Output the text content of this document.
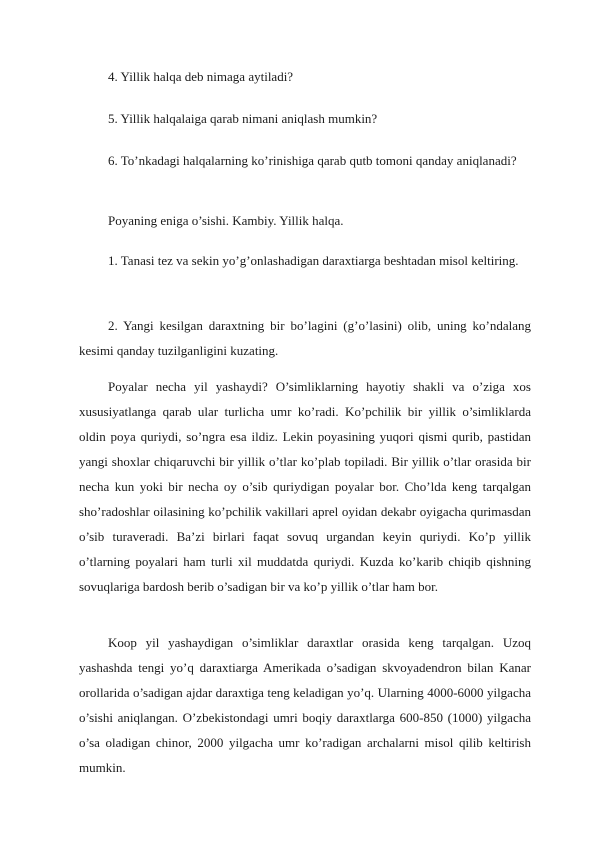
4. Yillik halqa deb nimaga aytiladi?

5. Yillik halqalaiga qarab nimani aniqlash mumkin?

6. To’nkadagi halqalarning ko’rinishiga qarab qutb tomoni qanday aniqlanadi?

Poyaning eniga o’sishi. Kambiy. Yillik halqa.

1. Tanasi tez va sekin yo’g’onlashadigan daraxtiarga beshtadan misol keltiring.

2. Yangi kesilgan daraxtning bir bo’lagini (g’o’lasini) olib, uning ko’ndalang kesimi qanday tuzilganligini kuzating.

Poyalar necha yil yashaydi? O’simliklarning hayotiy shakli va o’ziga xos xususiyatlanga qarab ular turlicha umr ko’radi. Ko’pchilik bir yillik o’simliklarda oldin poya quriydi, so’ngra esa ildiz. Lekin poyasining yuqori qismi qurib, pastidan yangi shoxlar chiqaruvchi bir yillik o’tlar ko’plab topiladi. Bir yillik o’tlar orasida bir necha kun yoki bir necha oy o’sib quriydigan poyalar bor. Cho’lda keng tarqalgan sho’radoshlar oilasining ko’pchilik vakillari aprel oyidan dekabr oyigacha qurimasdan o’sib turaveradi. Ba’zi birlari faqat sovuq urgandan keyin quriydi. Ko’p yillik o’tlarning poyalari ham turli xil muddatda quriydi. Kuzda ko’karib chiqib qishning sovuqlariga bardosh berib o’sadigan bir va ko’p yillik o’tlar ham bor.

Koop yil yashaydigan o’simliklar daraxtlar orasida keng tarqalgan. Uzoq yashashda tengi yo’q daraxtiarga Amerikada o’sadigan skvoyadendron bilan Kanar orollarida o’sadigan ajdar daraxtiga teng keladigan yo’q. Ularning 4000-6000 yilgacha o’sishi aniqlangan. O’zbekistondagi umri boqiy daraxtlarga 600-850 (1000) yilgacha o’sa oladigan chinor, 2000 yilgacha umr ko’radigan archalarni misol qilib keltirish mumkin.
